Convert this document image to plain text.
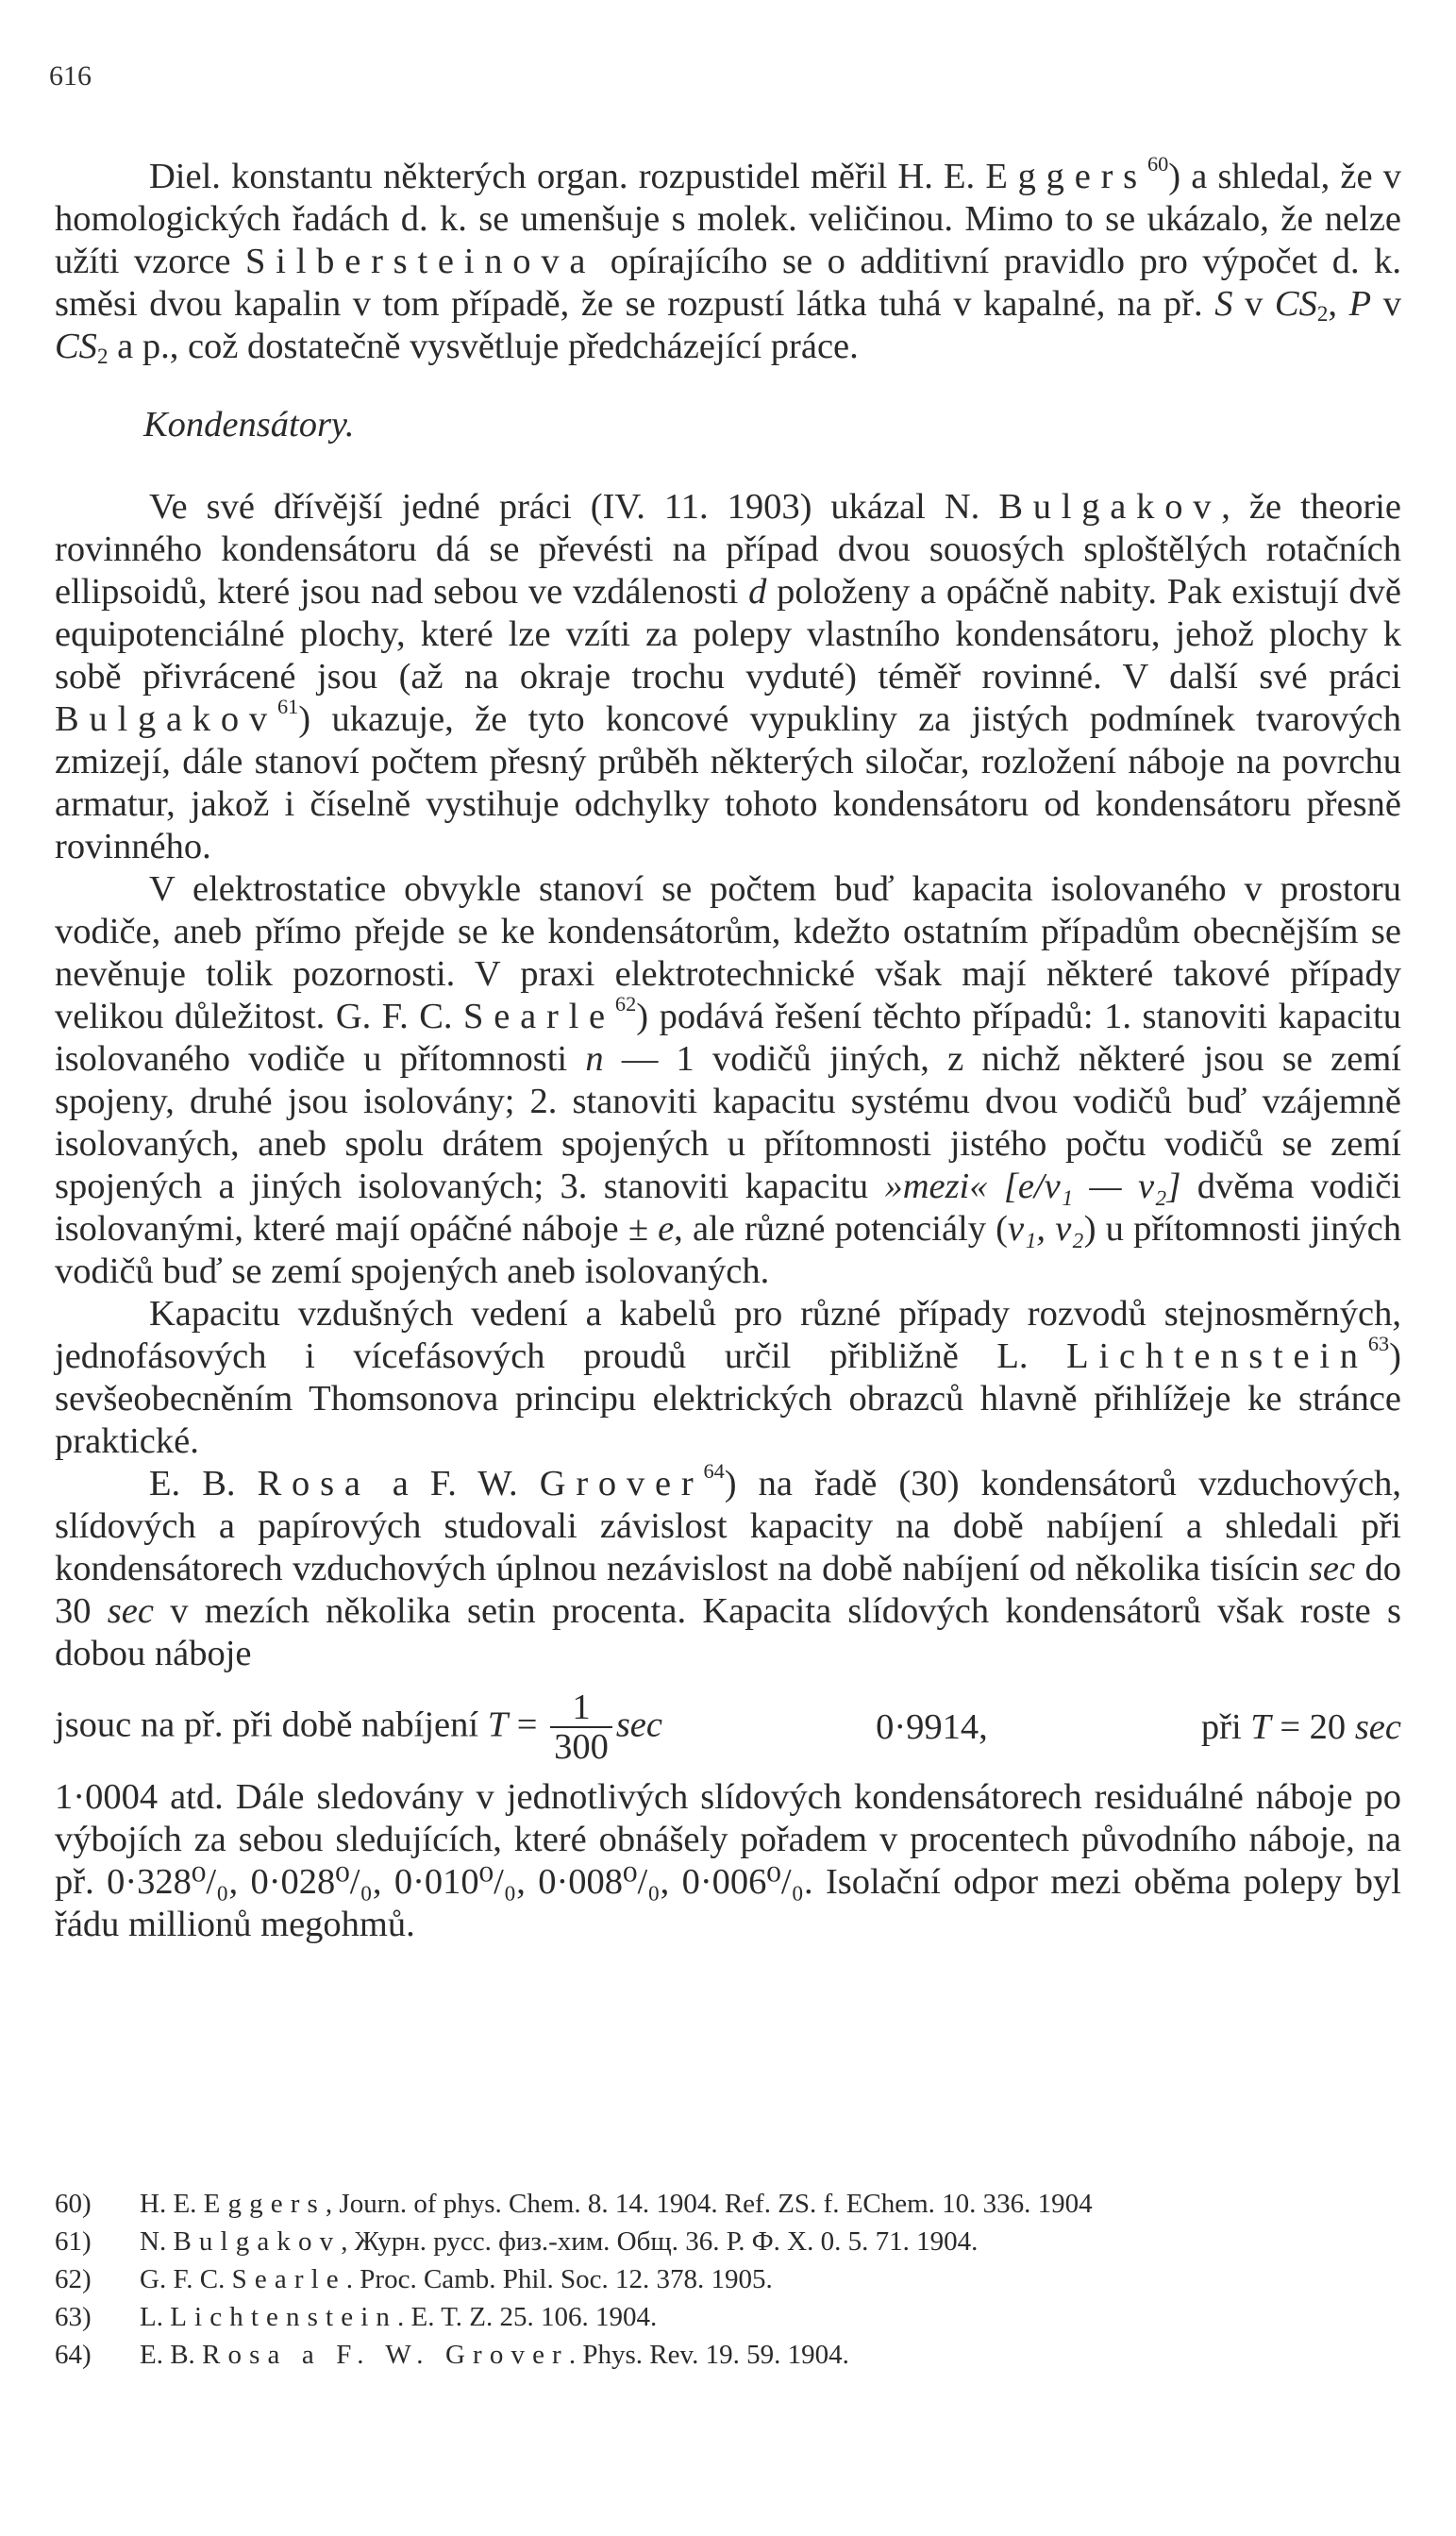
616

Diel. konstantu některých organ. rozpustidel měřil H. E. Eggers$^{60}$) a shledal, že v homologických řadách d. k. se umenšuje s molek. veličinou. Mimo to se ukázalo, že nelze užíti vzorce Silbersteinova opírajícího se o additivní pravidlo pro výpočet d. k. směsi dvou kapalin v tom případě, že se rozpustí látka tuhá v kapalné, na př. S v $CS_2$, P v $CS_2$ a p., což dostatečně vysvětluje předcházející práce.

Kondensátory.

Ve své dřívější jedné práci (IV. 11. 1903) ukázal N. Bulgakov, že theorie rovinného kondensátoru dá se převésti na případ dvou souosých sploštělých rotačních ellipsoidů, které jsou nad sebou ve vzdálenosti d položeny a opáčně nabity. Pak existují dvě equipotenciálné plochy, které lze vzíti za polepy vlastního kondensátoru, jehož plochy k sobě přivrácené jsou (až na okraje trochu vyduté) téměř rovinné. V další své práci Bulgakov$^{61}$) ukazuje, že tyto koncové vypukliny za jistých podmínek tvarových zmizejí, dále stanoví počtem přesný průběh některých siločar, rozložení náboje na povrchu armatur, jakož i číselně vystihuje odchylky tohoto kondensátoru od kondensátoru přesně rovinného.

V elektrostatice obvykle stanoví se počtem buď kapacita isolovaného v prostoru vodiče, aneb přímo přejde se ke kondensátorům, kdežto ostatním případům obecnějším se nevěnuje tolik pozornosti. V praxi elektrotechnické však mají některé takové případy velikou důležitost. G. F. C. Searle$^{62}$) podává řešení těchto případů: 1. stanoviti kapacitu isolovaného vodiče u přítomnosti n — 1 vodičů jiných, z nichž některé jsou se zemí spojeny, druhé jsou isolovány; 2. stanoviti kapacitu systému dvou vodičů buď vzájemně isolovaných, aneb spolu drátem spojených u přítomnosti jistého počtu vodičů se zemí spojených a jiných isolovaných; 3. stanoviti kapacitu »mezi« [e/v₁ — v₂] dvěma vodiči isolovanými, které mají opáčné náboje ± e, ale různé potenciály (v₁, v₂) u přítomnosti jiných vodičů buď se zemí spojených aneb isolovaných.

Kapacitu vzdušných vedení a kabelů pro různé případy rozvodů stejnosměrných, jednofásových i vícefásových proudů určil přibližně L. Lichtenstein$^{63}$) sevšeobecněním Thomsonova principu elektrických obrazců hlavně přihlížeje ke stránce praktické.

E. B. Rosa a F. W. Grover$^{64}$) na řadě (30) kondensátorů vzduchových, slídových a papírových studovali závislost kapacity na době nabíjení a shledali při kondensátorech vzduchových úplnou nezávislost na době nabíjení od několika tisícin sec do 30 sec v mezích několika setin procenta. Kapacita slídových kondensátorů však roste s dobou náboje

jsouc na př. při době nabíjení $T = \frac{1}{300}$ sec	0·9914,	při T = 20 sec

1·0004 atd. Dále sledovány v jednotlivých slídových kondensátorech residuálné náboje po výbojích za sebou sledujících, které obnášely pořadem v procentech původního náboje, na př. 0·328⁰/₀, 0·028⁰/₀, 0·010⁰/₀, 0·008⁰/₀, 0·006⁰/₀. Isolační odpor mezi oběma polepy byl řádu millionů megohmů.

60) H. E. Eggers, Journ. of phys. Chem. 8. 14. 1904. Ref. ZS. f. EChem. 10. 336. 1904

61) N. Bulgakov, Журн. русс. физ.-хим. Общ. 36. Р. Ф. X. 0. 5. 71. 1904.

62) G. F. C. Searle. Proc. Camb. Phil. Soc. 12. 378. 1905.

63) L. Lichtenstein. E. T. Z. 25. 106. 1904.

64) E. B. Rosa a F. W. Grover. Phys. Rev. 19. 59. 1904.
